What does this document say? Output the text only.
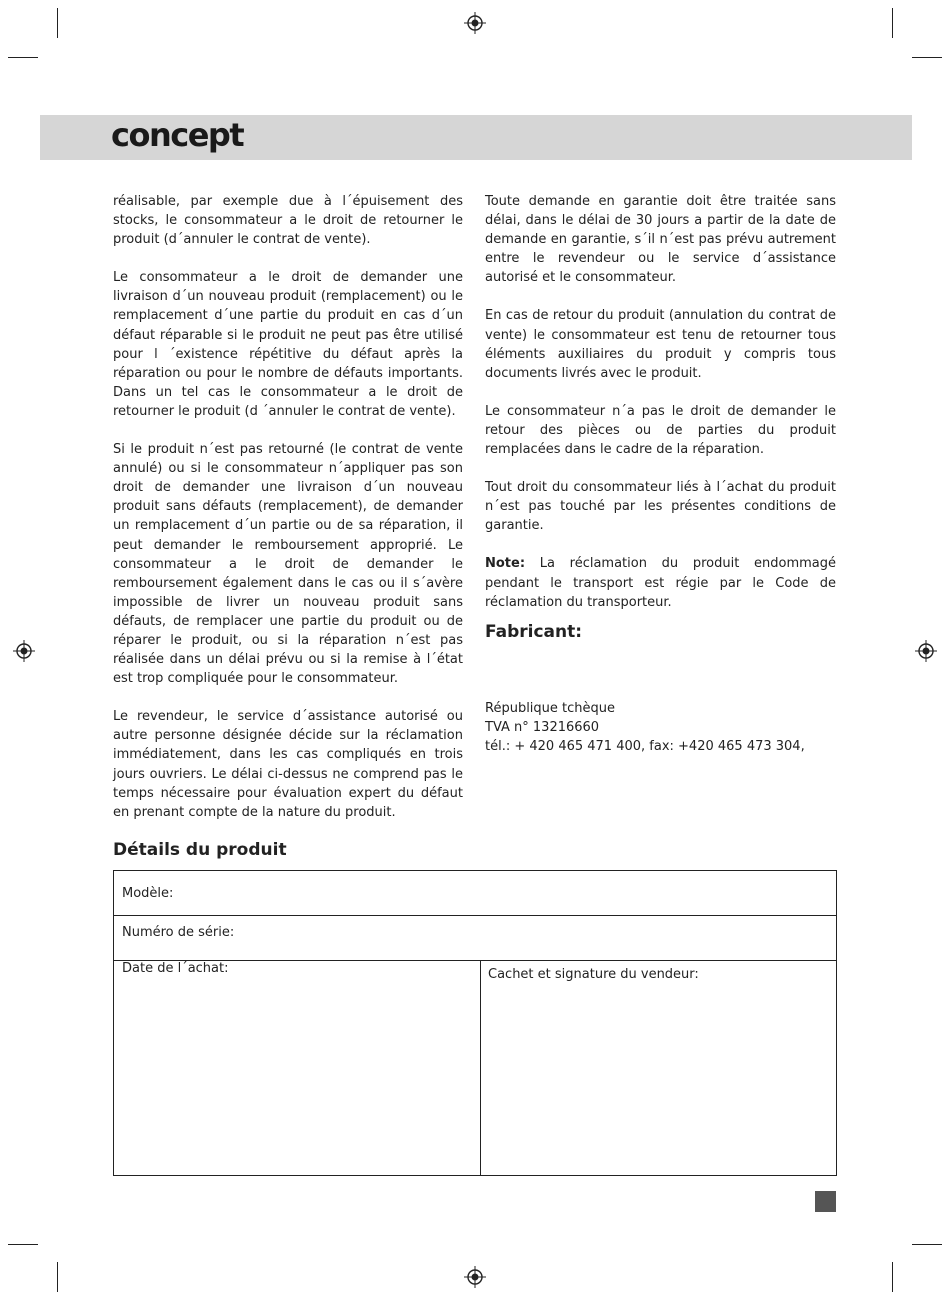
concept

réalisable, par exemple due à l´épuisement des stocks, le consommateur a le droit de retourner le produit (d´annuler le contrat de vente).

Le consommateur a le droit de demander une livraison d´un nouveau produit (remplacement) ou le remplacement d´une partie du produit en cas d´un défaut réparable si le produit ne peut pas être utilisé pour l ´existence répétitive du défaut après la réparation ou pour le nombre de défauts importants. Dans un tel cas le consommateur a le droit de retourner le produit (d ´annuler le contrat de vente).

Si le produit n´est pas retourné (le contrat de vente annulé) ou si le consommateur n´appliquer pas son droit de demander une livraison d´un nouveau produit sans défauts (remplacement), de demander un remplacement d´un partie ou de sa réparation, il peut demander le remboursement approprié. Le consommateur a le droit de demander le remboursement également dans le cas ou il s´avère impossible de livrer un nouveau produit sans défauts, de remplacer une partie du produit ou de réparer le produit, ou si la réparation n´est pas réalisée dans un délai prévu ou si la remise à l´état est trop compliquée pour le consommateur.

Le revendeur, le service d´assistance autorisé ou autre personne désignée décide sur la réclamation immédiatement, dans les cas compliqués en trois jours ouvriers. Le délai ci-dessus ne comprend pas le temps nécessaire pour évaluation expert du défaut en prenant compte de la nature du produit.

Toute demande en garantie doit être traitée sans délai, dans le délai de 30 jours a partir de la date de demande en garantie, s´il n´est pas prévu autrement entre le revendeur ou le service d´assistance autorisé et le consommateur.

En cas de retour du produit (annulation du contrat de vente) le consommateur est tenu de retourner tous éléments auxiliaires du produit y compris tous documents livrés avec le produit.

Le consommateur n´a pas le droit de demander le retour des pièces ou de parties du produit remplacées dans le cadre de la réparation.

Tout droit du consommateur liés à l´achat du produit n´est pas touché par les présentes conditions de garantie.

Note: La réclamation du produit endommagé pendant le transport est régie par le Code de réclamation du transporteur.

Fabricant:
République tchèque
TVA n° 13216660
tél.: + 420 465 471 400, fax: +420 465 473 304,
Détails du produit
Modèle:
Numéro de série:
Date de l´achat:	Cachet et signature du vendeur:
